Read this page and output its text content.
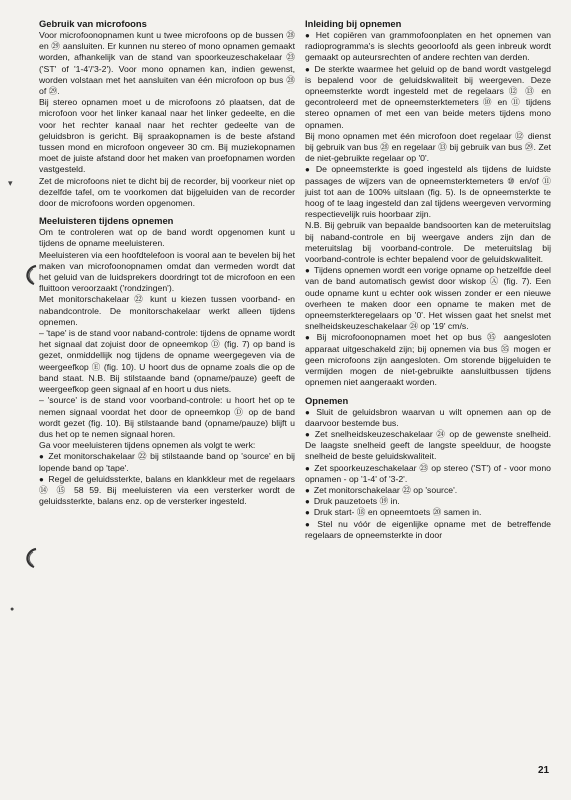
Gebruik van microfoons

Voor microfoonopnamen kunt u twee microfoons op de bussen ㉘ en ㉙ aansluiten. Er kunnen nu stereo of mono opnamen gemaakt worden, afhankelijk van de stand van spoorkeuzeschakelaar ㉓ ('ST' of '1-4'/'3-2'). Voor mono opnamen kan, indien gewenst, worden volstaan met het aansluiten van één microfoon op bus ㉘ of ㉙.

Bij stereo opnamen moet u de microfoons zó plaatsen, dat de microfoon voor het linker kanaal naar het linker gedeelte, en die voor het rechter kanaal naar het rechter gedeelte van de geluidsbron is gericht. Bij spraakopnamen is de beste afstand tussen mond en microfoon ongeveer 30 cm. Bij muziekopnamen moet de juiste afstand door het maken van proefopnamen worden vastgesteld.

Zet de microfoons niet te dicht bij de recorder, bij voorkeur niet op dezelfde tafel, om te voorkomen dat bijgeluiden van de recorder door de microfoons worden opgenomen.

Meeluisteren tijdens opnemen

Om te controleren wat op de band wordt opgenomen kunt u tijdens de opname meeluisteren.

Meeluisteren via een hoofdtelefoon is vooral aan te bevelen bij het maken van microfoonopnamen omdat dan vermeden wordt dat het geluid van de luidsprekers doordringt tot de microfoon en een fluittoon veroorzaakt ('rondzingen').

Met monitorschakelaar ㉒ kunt u kiezen tussen voorband- en nabandcontrole. De monitorschakelaar werkt alleen tijdens opnemen.

– 'tape' is de stand voor naband-controle: tijdens de opname wordt het signaal dat zojuist door de opneemkop Ⓓ (fig. 7) op band is gezet, onmiddellijk nog tijdens de opname weergegeven via de weergeefkop Ⓔ (fig. 10). U hoort dus de opname zoals die op de band staat. N.B. Bij stilstaande band (opname/pauze) geeft de weergeefkop geen signaal af en hoort u dus niets.

– 'source' is de stand voor voorband-controle: u hoort het op te nemen signaal voordat het door de opneemkop Ⓓ op de band wordt gezet (fig. 10). Bij stilstaande band (opname/pauze) blijft u dus het op te nemen signaal horen.

Ga voor meeluisteren tijdens opnemen als volgt te werk:

● Zet monitorschakelaar ㉒ bij stilstaande band op 'source' en bij lopende band op 'tape'.

● Regel de geluidssterkte, balans en klankkleur met de regelaars ⑭ ⑮ 58 59. Bij meeluisteren via een versterker wordt de geluidssterkte, balans enz. op de versterker ingesteld.

Inleiding bij opnemen

● Het copiëren van grammofoonplaten en het opnemen van radioprogramma's is slechts geoorloofd als geen inbreuk wordt gemaakt op auteursrechten of andere rechten van derden.

● De sterkte waarmee het geluid op de band wordt vastgelegd is bepalend voor de geluidskwaliteit bij weergeven. Deze opneemsterkte wordt ingesteld met de regelaars ⑫ ⑬ en gecontroleerd met de opneemsterktemeters ⑩ en ⑪ tijdens stereo opnamen of met een van beide meters tijdens mono opnamen.

Bij mono opnamen met één microfoon doet regelaar ⑫ dienst bij gebruik van bus ㉘ en regelaar ⑬ bij gebruik van bus ㉙. Zet de niet-gebruikte regelaar op '0'.

● De opneemsterkte is goed ingesteld als tijdens de luidste passages de wijzers van de opneemsterktemeters ⑩ en/of ⑪ juist tot aan de 100% uitslaan (fig. 5). Is de opneemsterkte te hoog of te laag ingesteld dan zal tijdens weergeven vervorming respectievelijk ruis hoorbaar zijn.

N.B. Bij gebruik van bepaalde bandsoorten kan de meteruitslag bij naband-controle en bij weergave anders zijn dan de meteruitslag bij voorband-controle. De meteruitslag bij voorband-controle is echter bepalend voor de geluidskwaliteit.

● Tijdens opnemen wordt een vorige opname op hetzelfde deel van de band automatisch gewist door wiskop Ⓐ (fig. 7). Een oude opname kunt u echter ook wissen zonder er een nieuwe overheen te maken door een opname te maken met de opneemsterkteregelaars op '0'. Het wissen gaat het snelst met snelheidskeuzeschakelaar ㉔ op '19' cm/s.

● Bij microfoonopnamen moet het op bus ㉟ aangesloten apparaat uitgeschakeld zijn; bij opnemen via bus ㉟ mogen er geen microfoons zijn aangesloten. Om storende bijgeluiden te vermijden mogen de niet-gebruikte aansluitbussen tijdens opnemen niet aangeraakt worden.

Opnemen

● Sluit de geluidsbron waarvan u wilt opnemen aan op de daarvoor bestemde bus.

● Zet snelheidskeuzeschakelaar ㉔ op de gewenste snelheid. De laagste snelheid geeft de langste speelduur, de hoogste snelheid de beste geluidskwaliteit.

● Zet spoorkeuzeschakelaar ㉓ op stereo ('ST') of - voor mono opnamen - op '1-4' of '3-2'.

● Zet monitorschakelaar ㉒ op 'source'.

● Druk pauzetoets ⑲ in.

● Druk start- ⑱ en opneemtoets ⑳ samen in.

● Stel nu vóór de eigenlijke opname met de betreffende regelaars de opneemsterkte in door

▾
●
21
